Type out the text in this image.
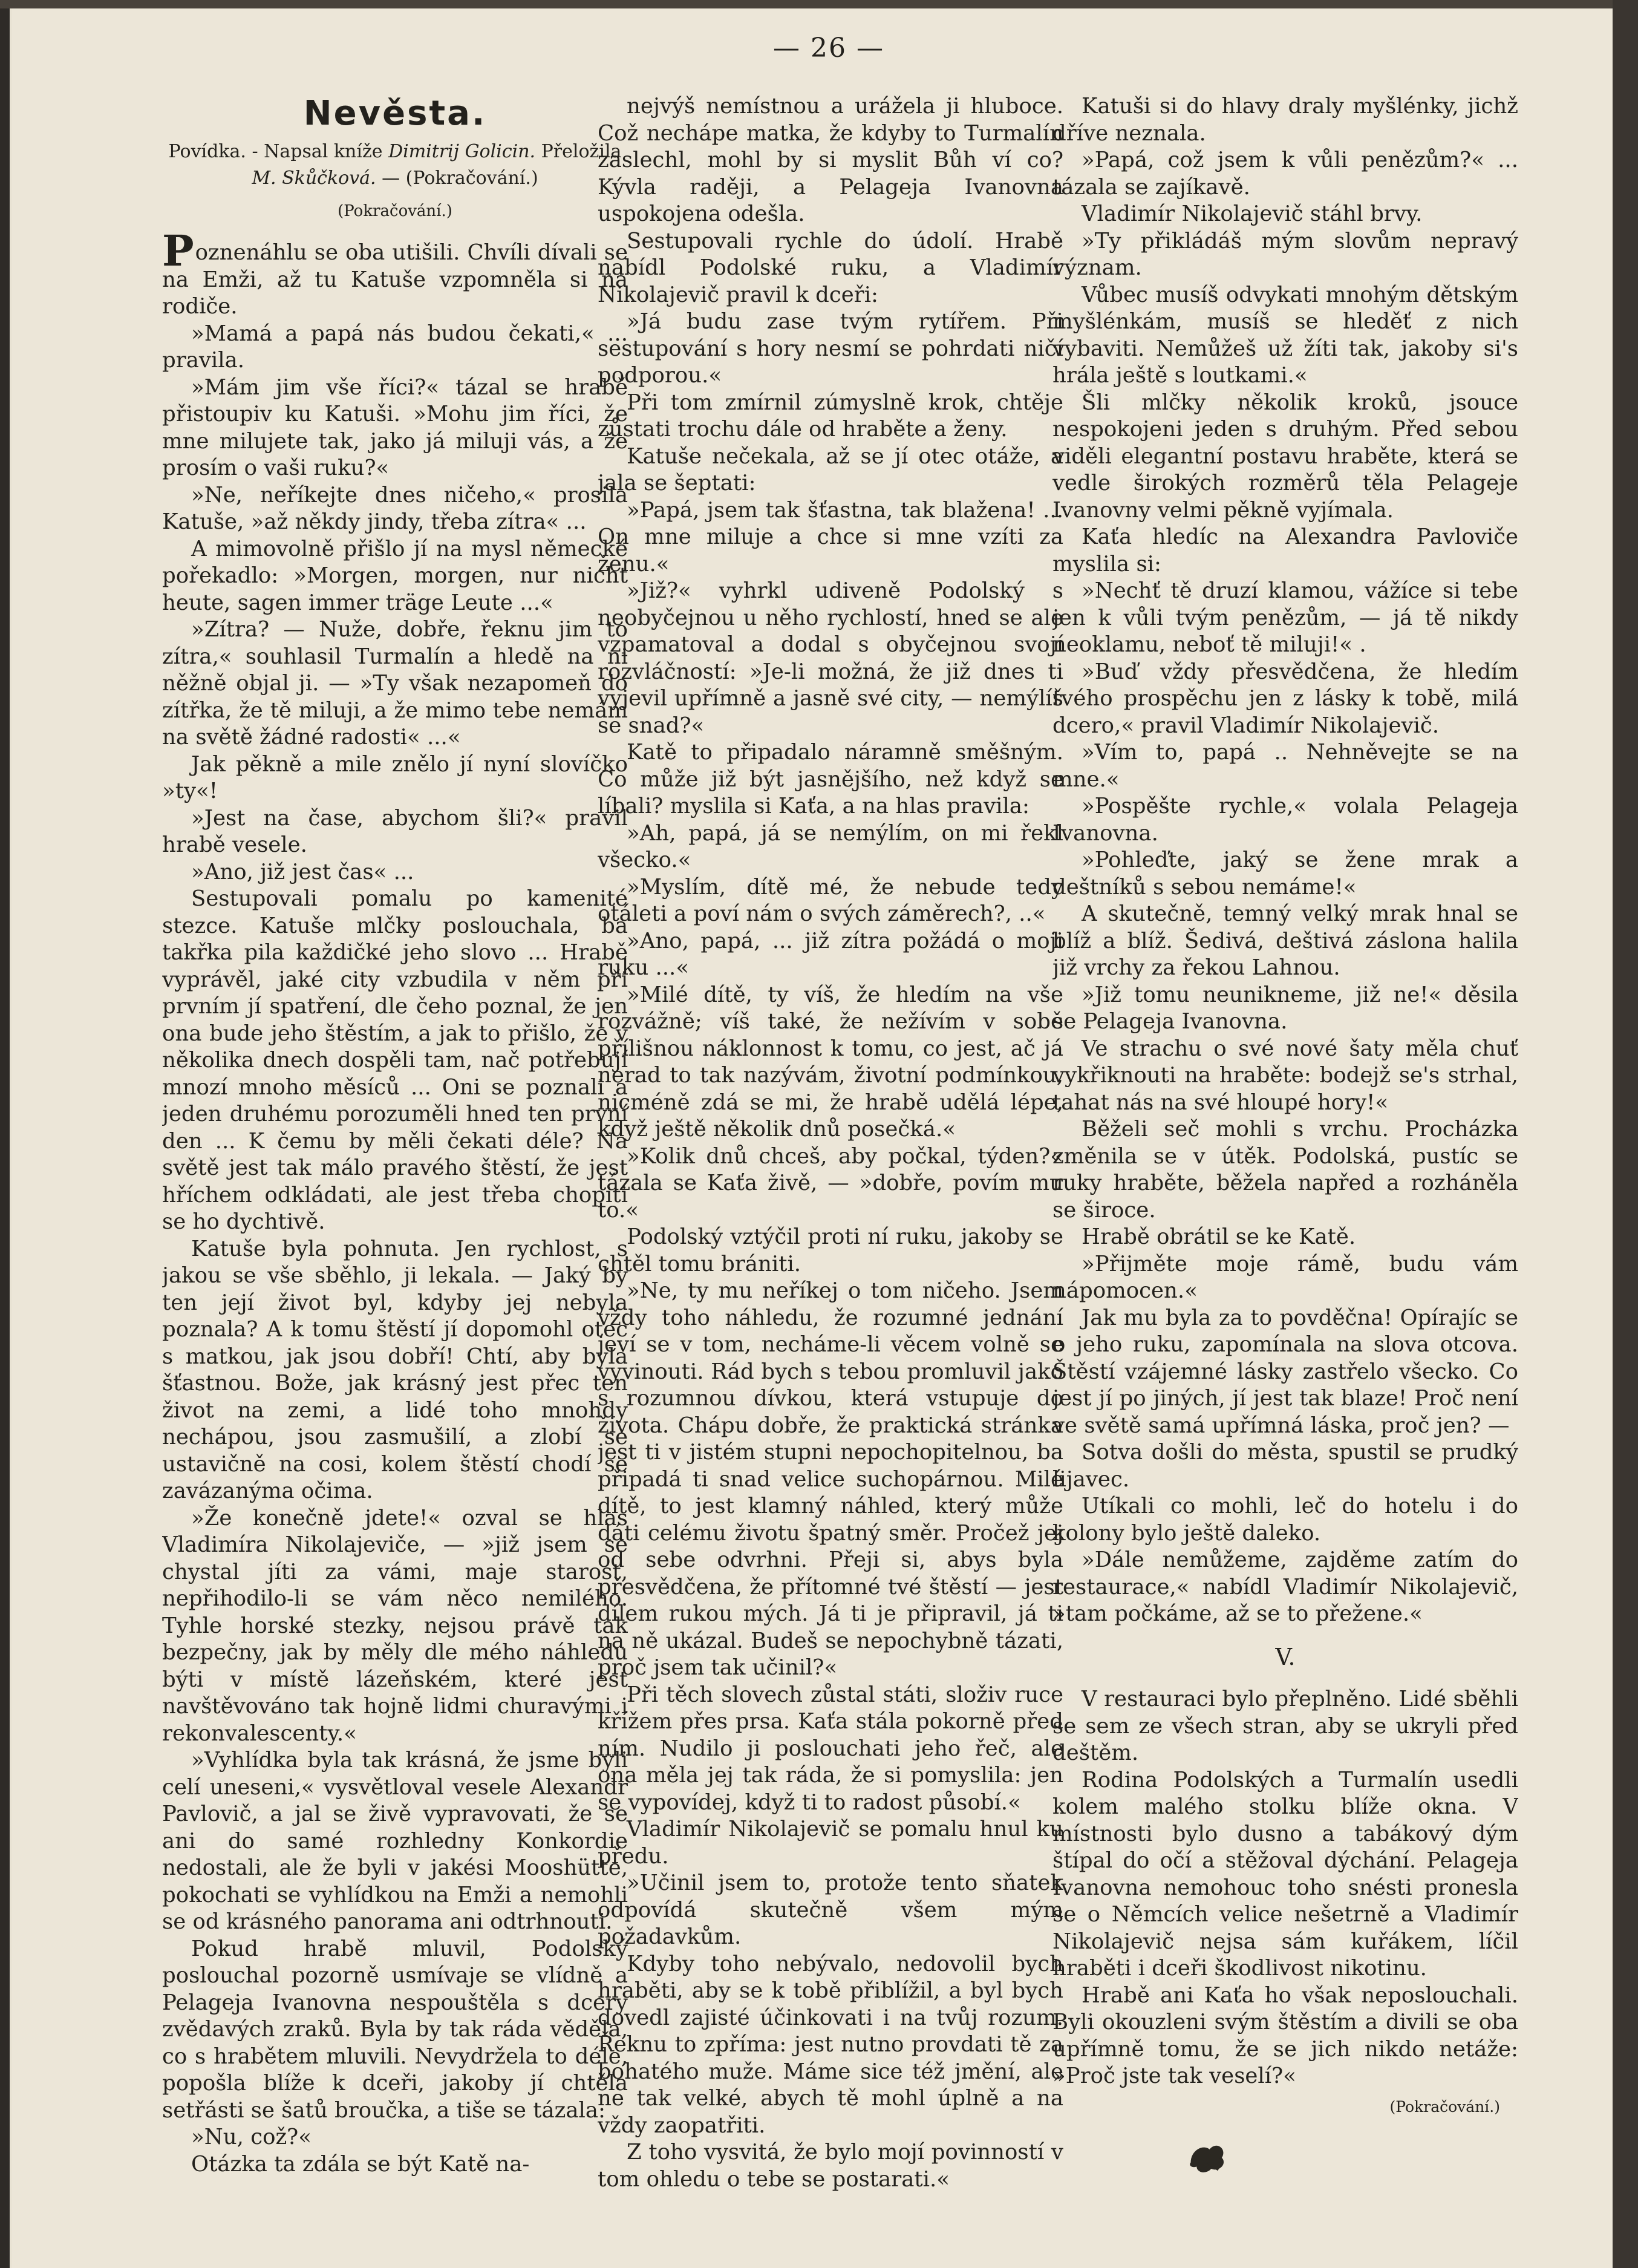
— 26 —
Nevěsta.

Povídka. - Napsal kníže Dimitrij Golicin. Přeložila M. Skůčková. — (Pokračování.)

(Pokračování.)

Poznenáhlu se oba utišili. Chvíli dívali se na Emži, až tu Katuše vzpomněla si na rodiče.

»Mamá a papá nás budou čekati,« ... pravila.

»Mám jim vše říci?« tázal se hrabě přistoupiv ku Katuši. »Mohu jim říci, že mne milujete tak, jako já miluji vás, a že prosím o vaši ruku?«

»Ne, neříkejte dnes ničeho,« prosila Katuše, »až někdy jindy, třeba zítra« ...

A mimovolně přišlo jí na mysl německé pořekadlo: »Morgen, morgen, nur nicht heute, sagen immer träge Leute ...«

»Zítra? — Nuže, dobře, řeknu jim to zítra,« souhlasil Turmalín a hledě na ni něžně objal ji. — »Ty však nezapomeň do zítřka, že tě miluji, a že mimo tebe nemám na světě žádné radosti« ...«

Jak pěkně a mile znělo jí nyní slovíčko »ty«!

»Jest na čase, abychom šli?« pravil hrabě vesele.

»Ano, již jest čas« ...

Sestupovali pomalu po kamenité stezce. Katuše mlčky poslouchala, ba takřka pila každičké jeho slovo ... Hrabě vyprávěl, jaké city vzbudila v něm při prvním jí spatření, dle čeho poznal, že jen ona bude jeho štěstím, a jak to přišlo, že v několika dnech dospěli tam, nač potřebují mnozí mnoho měsíců ... Oni se poznali a jeden druhému porozuměli hned ten první den ... K čemu by měli čekati déle? Na světě jest tak málo pravého štěstí, že jest hříchem odkládati, ale jest třeba chopiti se ho dychtivě.

Katuše byla pohnuta. Jen rychlost, s jakou se vše sběhlo, ji lekala. — Jaký by ten její život byl, kdyby jej nebyla poznala? A k tomu štěstí jí dopomohl otec s matkou, jak jsou dobří! Chtí, aby byla šťastnou. Bože, jak krásný jest přec ten život na zemi, a lidé toho mnohdy nechápou, jsou zasmušilí, a zlobí se ustavičně na cosi, kolem štěstí chodí se zavázanýma očima.

»Že konečně jdete!« ozval se hlas Vladimíra Nikolajeviče, — »již jsem se chystal jíti za vámi, maje starost, nepřihodilo-li se vám něco nemilého. Tyhle horské stezky, nejsou právě tak bezpečny, jak by měly dle mého náhledu býti v místě lázeňském, které jest navštěvováno tak hojně lidmi churavými i rekonvalescenty.«

»Vyhlídka byla tak krásná, že jsme byli celí uneseni,« vysvětloval vesele Alexandr Pavlovič, a jal se živě vypravovati, že se ani do samé rozhledny Konkordie nedostali, ale že byli v jakési Mooshütte, pokochati se vyhlídkou na Emži a nemohli se od krásného panorama ani odtrhnouti.

Pokud hrabě mluvil, Podolský poslouchal pozorně usmívaje se vlídně a Pelageja Ivanovna nespouštěla s dcery zvědavých zraků. Byla by tak ráda věděla, co s hrabětem mluvili. Nevydržela to déle, popošla blíže k dceři, jakoby jí chtěla setřásti se šatů broučka, a tiše se tázala:

»Nu, což?«

Otázka ta zdála se být Katě na-

nejvýš nemístnou a urážela ji hluboce. Což nechápe matka, že kdyby to Turmalín zaslechl, mohl by si myslit Bůh ví co? Kývla raději, a Pelageja Ivanovna uspokojena odešla.

Sestupovali rychle do údolí. Hrabě nabídl Podolské ruku, a Vladimír Nikolajevič pravil k dceři:

»Já budu zase tvým rytířem. Při sestupování s hory nesmí se pohrdati ničí podporou.«

Při tom zmírnil zúmyslně krok, chtěje zůstati trochu dále od hraběte a ženy.

Katuše nečekala, až se jí otec otáže, a jala se šeptati:

»Papá, jsem tak šťastna, tak blažena! ... On mne miluje a chce si mne vzíti za ženu.«

»Již?« vyhrkl udiveně Podolský s neobyčejnou u něho rychlostí, hned se ale vzpamatoval a dodal s obyčejnou svojí rozvláčností: »Je-li možná, že již dnes ti vyjevil upřímně a jasně své city, — nemýlíš se snad?«

Katě to připadalo náramně směšným. Co může již být jasnějšího, než když se líbali? myslila si Kaťa, a na hlas pravila:

»Ah, papá, já se nemýlím, on mi řekl všecko.«

»Myslím, dítě mé, že nebude tedy otáleti a poví nám o svých záměrech?, ..«

»Ano, papá, ... již zítra požádá o moji ruku ...«

»Milé dítě, ty víš, že hledím na vše rozvážně; víš také, že nežívím v sobě přílišnou náklonnost k tomu, co jest, ač já nerad to tak nazývám, životní podmínkou, nicméně zdá se mi, že hrabě udělá lépe, když ještě několik dnů posečká.«

»Kolik dnů chceš, aby počkal, týden?« tázala se Kaťa živě, — »dobře, povím mu to.«

Podolský vztýčil proti ní ruku, jakoby se chtěl tomu brániti.

»Ne, ty mu neříkej o tom ničeho. Jsem vždy toho náhledu, že rozumné jednání jeví se v tom, necháme-li věcem volně se vyvinouti. Rád bych s tebou promluvil jako s rozumnou dívkou, která vstupuje do života. Chápu dobře, že praktická stránka jest ti v jistém stupni nepochopitelnou, ba připadá ti snad velice suchopárnou. Milé dítě, to jest klamný náhled, který může dáti celému životu špatný směr. Pročež jej od sebe odvrhni. Přeji si, abys byla přesvědčena, že přítomné tvé štěstí — jest dílem rukou mých. Já ti je připravil, já ti na ně ukázal. Budeš se nepochybně tázati, proč jsem tak učinil?«

Při těch slovech zůstal státi, složiv ruce křížem přes prsa. Kaťa stála pokorně před ním. Nudilo ji poslouchati jeho řeč, ale ona měla jej tak ráda, že si pomyslila: jen se vypovídej, když ti to radost působí.«

Vladimír Nikolajevič se pomalu hnul ku předu.

»Učinil jsem to, protože tento sňatek odpovídá skutečně všem mým požadavkům.

Kdyby toho nebývalo, nedovolil bych hraběti, aby se k tobě přiblížil, a byl bych dovedl zajisté účinkovati i na tvůj rozum. Řeknu to zpříma: jest nutno provdati tě za bohatého muže. Máme sice též jmění, ale ne tak velké, abych tě mohl úplně a na vždy zaopatřiti.

Z toho vysvitá, že bylo mojí povinností v tom ohledu o tebe se postarati.«

Katuši si do hlavy draly myšlénky, jichž dříve neznala.

»Papá, což jsem k vůli penězům?« ... tázala se zajíkavě.

Vladimír Nikolajevič stáhl brvy.

»Ty přikládáš mým slovům nepravý význam.

Vůbec musíš odvykati mnohým dětským myšlénkám, musíš se hleděť z nich vybaviti. Nemůžeš už žíti tak, jakoby si's hrála ještě s loutkami.«

Šli mlčky několik kroků, jsouce nespokojeni jeden s druhým. Před sebou viděli elegantní postavu hraběte, která se vedle širokých rozměrů těla Pelageje Ivanovny velmi pěkně vyjímala.

Kaťa hledíc na Alexandra Pavloviče myslila si:

»Nechť tě druzí klamou, vážíce si tebe jen k vůli tvým penězům, — já tě nikdy neoklamu, neboť tě miluji!« .

»Buď vždy přesvědčena, že hledím tvého prospěchu jen z lásky k tobě, milá dcero,« pravil Vladimír Nikolajevič.

»Vím to, papá .. Nehněvejte se na mne.«

»Pospěšte rychle,« volala Pelageja Ivanovna.

»Pohleďte, jaký se žene mrak a deštníků s sebou nemáme!«

A skutečně, temný velký mrak hnal se blíž a blíž. Šedivá, deštivá záslona halila již vrchy za řekou Lahnou.

»Již tomu neunikneme, již ne!« děsila se Pelageja Ivanovna.

Ve strachu o své nové šaty měla chuť vykřiknouti na hraběte: bodejž se's strhal, tahat nás na své hloupé hory!«

Běželi seč mohli s vrchu. Procházka změnila se v útěk. Podolská, pustíc se ruky hraběte, běžela napřed a rozháněla se široce.

Hrabě obrátil se ke Katě.

»Přijměte moje rámě, budu vám nápomocen.«

Jak mu byla za to povděčna! Opírajíc se o jeho ruku, zapomínala na slova otcova. Štěstí vzájemné lásky zastřelo všecko. Co jest jí po jiných, jí jest tak blaze! Proč není ve světě samá upřímná láska, proč jen? —

Sotva došli do města, spustil se prudký lijavec.

Utíkali co mohli, leč do hotelu i do kolony bylo ještě daleko.

»Dále nemůžeme, zajděme zatím do restaurace,« nabídl Vladimír Nikolajevič, »tam počkáme, až se to přežene.«

V.

V restauraci bylo přeplněno. Lidé sběhli se sem ze všech stran, aby se ukryli před deštěm.

Rodina Podolských a Turmalín usedli kolem malého stolku blíže okna. V místnosti bylo dusno a tabákový dým štípal do očí a stěžoval dýchání. Pelageja Ivanovna nemohouc toho snésti pronesla se o Němcích velice nešetrně a Vladimír Nikolajevič nejsa sám kuřákem, líčil hraběti i dceři škodlivost nikotinu.

Hrabě ani Kaťa ho však neposlouchali. Byli okouzleni svým štěstím a divili se oba upřímně tomu, že se jich nikdo netáže: »Proč jste tak veselí?«

(Pokračování.)
